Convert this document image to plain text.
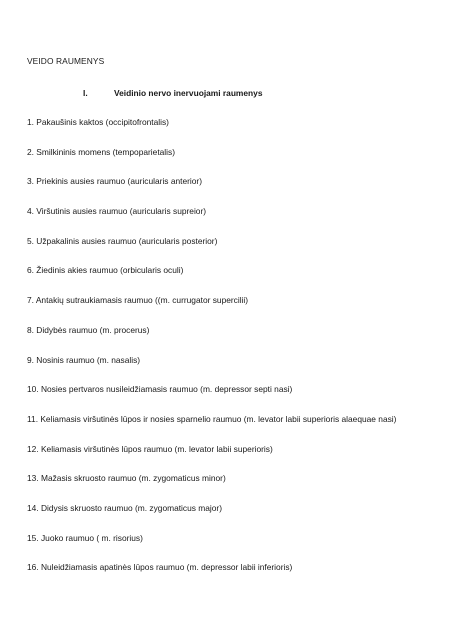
VEIDO RAUMENYS
I.	Veidinio nervo inervuojami raumenys
1. Pakaušinis kaktos (occipitofrontalis)
2. Smilkininis momens (tempoparietalis)
3. Priekinis ausies raumuo (auricularis anterior)
4. Viršutinis ausies raumuo (auricularis supreior)
5. Užpakalinis ausies raumuo (auricularis posterior)
6. Žiedinis akies raumuo (orbicularis oculi)
7. Antakių sutraukiamasis raumuo ((m. currugator supercilii)
8. Didybės raumuo (m. procerus)
9. Nosinis raumuo (m. nasalis)
10. Nosies pertvaros nusileidžiamasis raumuo (m. depressor septi nasi)
11. Keliamasis viršutinės lūpos ir nosies sparnelio raumuo (m. levator labii superioris alaequae nasi)
12. Keliamasis viršutinės lūpos raumuo (m. levator labii superioris)
13. Mažasis skruosto raumuo (m. zygomaticus minor)
14. Didysis skruosto raumuo (m. zygomaticus major)
15. Juoko raumuo ( m. risorius)
16. Nuleidžiamasis apatinės lūpos raumuo (m. depressor labii inferioris)
